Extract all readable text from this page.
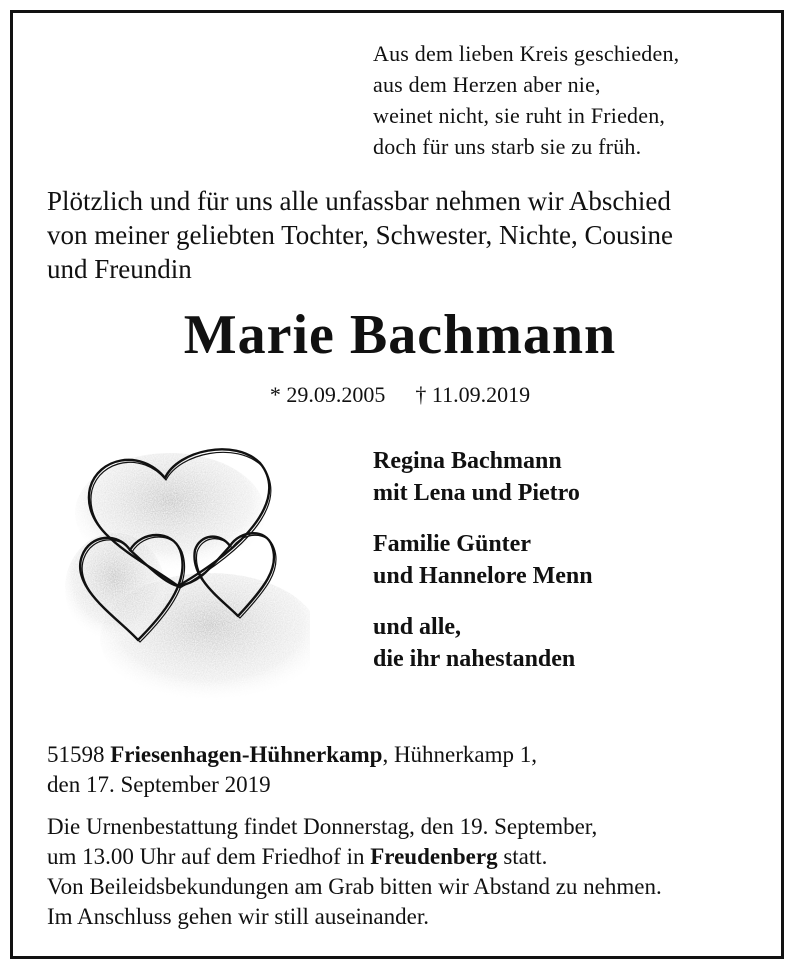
Aus dem lieben Kreis geschieden,
aus dem Herzen aber nie,
weinet nicht, sie ruht in Frieden,
doch für uns starb sie zu früh.
Plötzlich und für uns alle unfassbar nehmen wir Abschied
von meiner geliebten Tochter, Schwester, Nichte, Cousine
und Freundin
Marie Bachmann
* 29.09.2005 † 11.09.2019
Regina Bachmann
mit Lena und Pietro
Familie Günter
und Hannelore Menn
und alle,
die ihr nahestanden
51598 Friesenhagen-Hühnerkamp, Hühnerkamp 1,
den 17. September 2019
Die Urnenbestattung findet Donnerstag, den 19. September,
um 13.00 Uhr auf dem Friedhof in Freudenberg statt.
Von Beileidsbekundungen am Grab bitten wir Abstand zu nehmen.
Im Anschluss gehen wir still auseinander.
